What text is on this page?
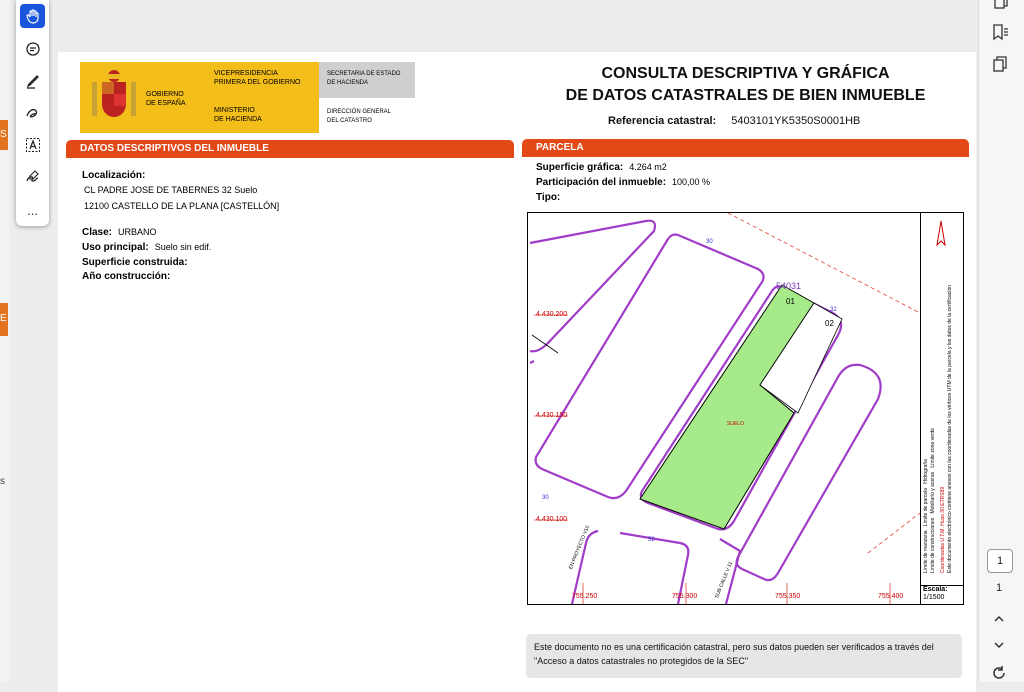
S
E
s
...
1
1
GOBIERNO
DE ESPAÑA
VICEPRESIDENCIA
PRIMERA DEL GOBIERNO
MINISTERIO
DE HACIENDA
SECRETARIA DE ESTADO
DE HACIENDA
DIRECCIÓN GENERAL
DEL CATASTRO
CONSULTA DESCRIPTIVA Y GRÁFICA
DE DATOS CATASTRALES DE BIEN INMUEBLE
Referencia catastral: 5403101YK5350S0001HB
DATOS DESCRIPTIVOS DEL INMUEBLE
Localización:
CL PADRE JOSE DE TABERNES 32 Suelo
12100 CASTELLO DE LA PLANA [CASTELLÓN]
Clase: URBANO
Uso principal: Suelo sin edif.
Superficie construida:
Año construcción:
PARCELA
Superficie gráfica: 4.264 m2
Participación del inmueble: 100,00 %
Tipo:
54031
01
02
SUELO
4.430.200
4.430.150
4.430.100
755.250	755.300	755.350	755.400
30
32
30
52
EN PROYECTO V10
SUB CALLE V 11
Límite de manzana   Límite de parcela   Hidrografía
Límite de construcciones   Mobiliario y aceras   Límite zona verde
Coordenadas U.T.M. Huso 30 ETRS89 Este documento electrónico contiene anexos con las coordenadas de los vértices UTM de la parcela y los datos de la certificación
Escala:
1/1500
Este documento no es una certificación catastral, pero sus datos pueden ser verificados a través del "Acceso a datos catastrales no protegidos de la SEC"
